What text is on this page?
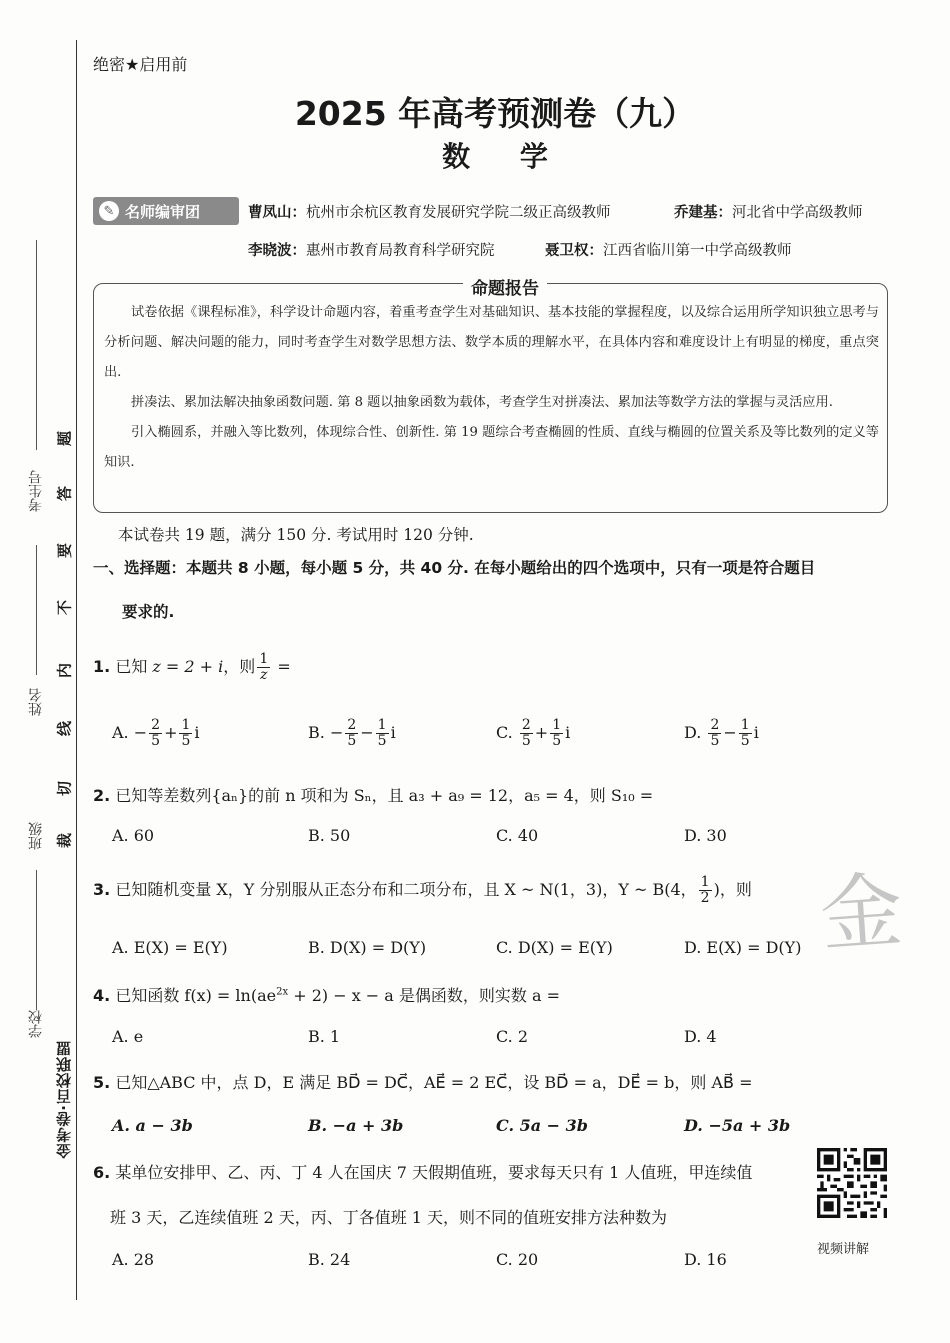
考生号
姓名
班级
学校
题
答
要
不
内
线
切
裁
金考卷·百校联盟
绝密★启用前
2025 年高考预测卷（九）
数 学
✎ 名师编审团	曹凤山：杭州市余杭区教育发展研究学院二级正高级教师	乔建基：河北省中学高级教师
李晓波：惠州市教育局教育科学研究院	聂卫权：江西省临川第一中学高级教师

试卷依据《课程标准》，科学设计命题内容，着重考查学生对基础知识、基本技能的掌握程度，以及综合运用所学知识独立思考与分析问题、解决问题的能力，同时考查学生对数学思想方法、数学本质的理解水平，在具体内容和难度设计上有明显的梯度，重点突出.

拼凑法、累加法解决抽象函数问题. 第 8 题以抽象函数为载体，考查学生对拼凑法、累加法等数学方法的掌握与灵活应用.

引入椭圆系，并融入等比数列，体现综合性、创新性. 第 19 题综合考查椭圆的性质、直线与椭圆的位置关系及等比数列的定义等知识.

命题报告
本试卷共 19 题，满分 150 分. 考试用时 120 分钟.
一、选择题：本题共 8 小题，每小题 5 分，共 40 分. 在每小题给出的四个选项中，只有一项是符合题目
要求的.
1. 已知 z = 2 + i，则 $\frac{1}{z}$ =
A. − $\frac{2}{5} + \frac{1}{5}$ i	B. − $\frac{2}{5} - \frac{1}{5}$ i	C. $\frac{2}{5} + \frac{1}{5}$ i	D. $\frac{2}{5} - \frac{1}{5}$ i
2. 已知等差数列{aₙ}的前 n 项和为 Sₙ，且 a₃ + a₉ = 12，a₅ = 4，则 S₁₀ =
A. 60	B. 50	C. 40	D. 30
3. 已知随机变量 X，Y 分别服从正态分布和二项分布，且 X ~ N(1，3)，Y ~ B(4， $\frac{1}{2}$ )，则
A. E(X) = E(Y)	B. D(X) = D(Y)	C. D(X) = E(Y)	D. E(X) = D(Y)
4. 已知函数 $f(x) = \ln(ae^{2x} + 2) - x - a$ 是偶函数，则实数 a =
A. e	B. 1	C. 2	D. 4
5. 已知△ABC 中，点 D，E 满足 BD⃗ = DC⃗，AE⃗ = 2 EC⃗，设 BD⃗ = a，DE⃗ = b，则 AB⃗ =
A. a − 3b	B. −a + 3b	C. 5a − 3b	D. −5a + 3b
6. 某单位安排甲、乙、丙、丁 4 人在国庆 7 天假期值班，要求每天只有 1 人值班，甲连续值
班 3 天，乙连续值班 2 天，丙、丁各值班 1 天，则不同的值班安排方法种数为
A. 28	B. 24	C. 20	D. 16
视频讲解
金
